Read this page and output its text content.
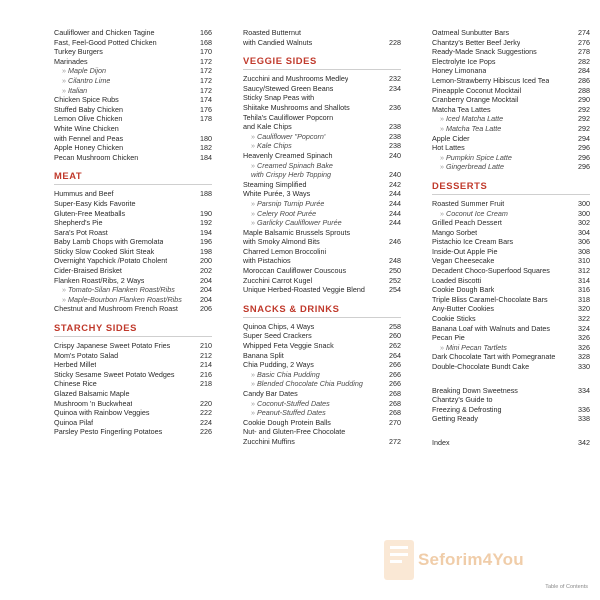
Cauliflower and Chicken Tagine	166
Fast, Feel-Good Potted Chicken	168
Turkey Burgers	170
Marinades	172
» Maple Dijon	172
» Cilantro Lime	172
» Italian	172
Chicken Spice Rubs	174
Stuffed Baby Chicken	176
Lemon Olive Chicken	178
White Wine Chicken
with Fennel and Peas	180
Apple Honey Chicken	182
Pecan Mushroom Chicken	184
MEAT
Hummus and Beef	188
Super-Easy Kids Favorite
Gluten-Free Meatballs	190
Shepherd's Pie	192
Sara's Pot Roast	194
Baby Lamb Chops with Gremolata	196
Sticky Slow Cooked Skirt Steak	198
Overnight Yapchick /Potato Cholent	200
Cider-Braised Brisket	202
Flanken Roast/Ribs, 2 Ways	204
» Tomato-Silan Flanken Roast/Ribs	204
» Maple-Bourbon Flanken Roast/Ribs	204
Chestnut and Mushroom French Roast	206
STARCHY SIDES
Crispy Japanese Sweet Potato Fries	210
Mom's Potato Salad	212
Herbed Millet	214
Sticky Sesame Sweet Potato Wedges	216
Chinese Rice	218
Glazed Balsamic Maple
Mushroom 'n Buckwheat	220
Quinoa with Rainbow Veggies	222
Quinoa Pilaf	224
Parsley Pesto Fingerling Potatoes	226
Roasted Butternut
with Candied Walnuts	228
VEGGIE SIDES
Zucchini and Mushrooms Medley	232
Saucy/Stewed Green Beans	234
Sticky Snap Peas with
Shiitake Mushrooms and Shallots	236
Tehila's Cauliflower Popcorn
and Kale Chips	238
» Cauliflower "Popcorn"	238
» Kale Chips	238
Heavenly Creamed Spinach	240
» Creamed Spinach Bake
with Crispy Herb Topping	240
Steaming Simplified	242
White Purée, 3 Ways	244
» Parsnip Turnip Purée	244
» Celery Root Purée	244
» Garlicky Cauliflower Purée	244
Maple Balsamic Brussels Sprouts
with Smoky Almond Bits	246
Charred Lemon Broccolini
with Pistachios	248
Moroccan Cauliflower Couscous	250
Zucchini Carrot Kugel	252
Unique Herbed-Roasted Veggie Blend	254
SNACKS & DRINKS
Quinoa Chips, 4 Ways	258
Super Seed Crackers	260
Whipped Feta Veggie Snack	262
Banana Split	264
Chia Pudding, 2 Ways	266
» Basic Chia Pudding	266
» Blended Chocolate Chia Pudding	266
Candy Bar Dates	268
» Coconut-Stuffed Dates	268
» Peanut-Stuffed Dates	268
Cookie Dough Protein Balls	270
Nut- and Gluten-Free Chocolate
Zucchini Muffins	272
Oatmeal Sunbutter Bars	274
Chantzy's Better Beef Jerky	276
Ready-Made Snack Suggestions	278
Electrolyte Ice Pops	282
Honey Limonana	284
Lemon-Strawberry Hibiscus Iced Tea	286
Pineapple Coconut Mocktail	288
Cranberry Orange Mocktail	290
Matcha Tea Lattes	292
» Iced Matcha Latte	292
» Matcha Tea Latte	292
Apple Cider	294
Hot Lattes	296
» Pumpkin Spice Latte	296
» Gingerbread Latte	296
DESSERTS
Roasted Summer Fruit	300
» Coconut Ice Cream	300
Grilled Peach Dessert	302
Mango Sorbet	304
Pistachio Ice Cream Bars	306
Inside-Out Apple Pie	308
Vegan Cheesecake	310
Decadent Choco-Superfood Squares	312
Loaded Biscotti	314
Cookie Dough Bark	316
Triple Bliss Caramel-Chocolate Bars	318
Any-Butter Cookies	320
Cookie Sticks	322
Banana Loaf with Walnuts and Dates	324
Pecan Pie	326
» Mini Pecan Tartlets	326
Dark Chocolate Tart with Pomegranate	328
Double-Chocolate Bundt Cake	330
Breaking Down Sweetness	334
Chantzy's Guide to
Freezing & Defrosting	336
Getting Ready	338
Index	342
Seforim4You
Table of Contents
